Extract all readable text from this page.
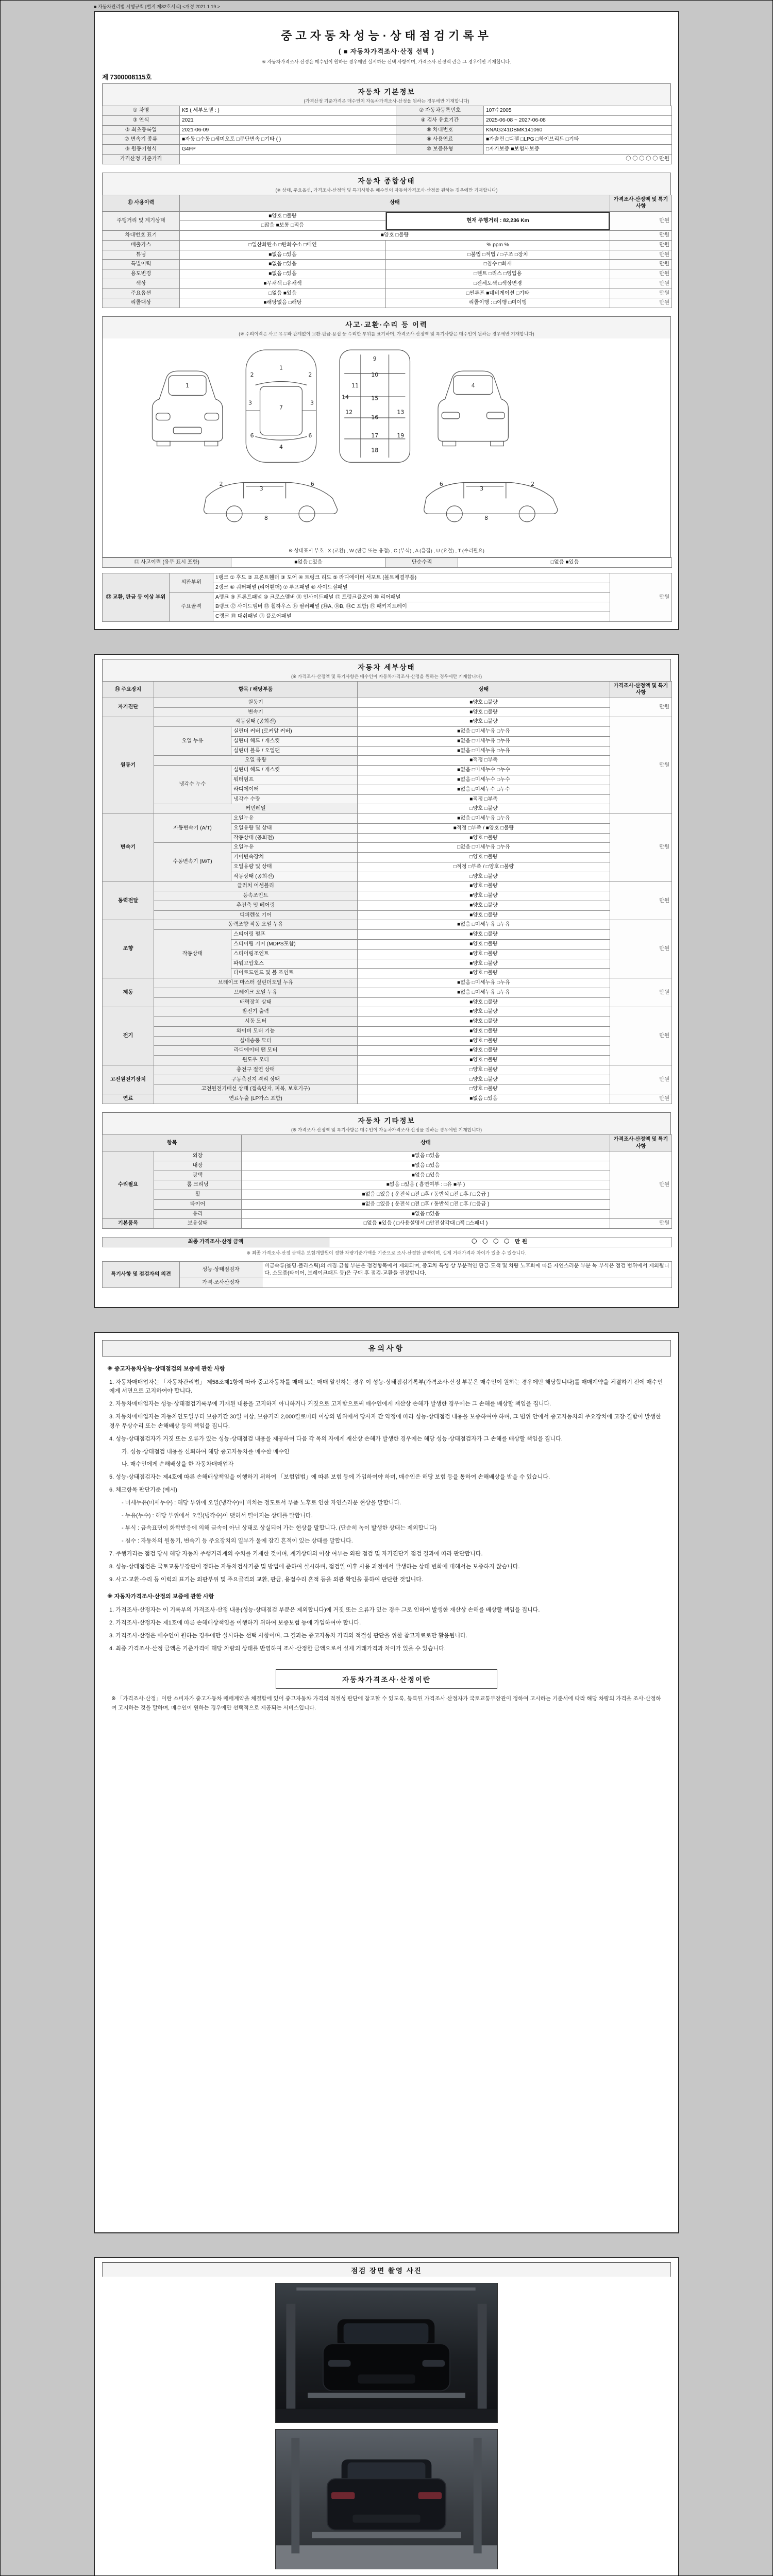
■ 자동차관리법 시행규칙 [별지 제82호서식] <개정 2021.1.19.>
중고자동차성능·상태점검기록부
( ■ 자동차가격조사·산정 선택 )
※ 자동차가격조사·산정은 매수인이 원하는 경우에만 실시하는 선택 사항이며, 가격조사·산정액 란은 그 경우에만 기재합니다.
제 7300008115호
자동차 기본정보
(가격산정 기준가격은 매수인이 자동차가격조사·산정을 원하는 경우에만 기재합니다)
① 차명	K5 ( 세부모델 : )	② 자동차등록번호	107수2005
③ 연식	2021	④ 검사 유효기간	2025-06-08 ~ 2027-06-08
⑤ 최초등록일	2021-06-09	⑥ 차대번호	KNAG241DBMK141060
⑦ 변속기 종류	■자동 □수동 □세미오토 □무단변속 □기타 ( )	⑧ 사용연료	■가솔린 □디젤 □LPG □하이브리드 □기타
⑨ 원동기형식	G4FP	⑩ 보증유형	□자가보증 ■보험사보증
가격산정 기준가격	〇 〇 〇 〇 〇 만원		
자동차 종합상태
(※ 상태, 주요옵션, 가격조사·산정액 및 특기사항은 매수인이 자동차가격조사·산정을 원하는 경우에만 기재합니다)
⑪ 사용이력	상태		가격조사·산정액 및 특기사항
주행거리 및 계기상태	■양호 □불량	현재 주행거리 : 82,236 Km	만원
	□많음 ■보통 □적음		
차대번호 표기	■양호 □불량		만원
배출가스	□일산화탄소 □탄화수소 □매연	% ppm %	만원
튜닝	■없음 □있음	□불법 □적법 / □구조 □장치	만원
특별이력	■없음 □있음	□침수 □화재	만원
용도변경	■없음 □있음	□렌트 □리스 □영업용	만원
색상	■무채색 □유채색	□전체도색 □색상변경	만원
주요옵션	□없음 ■있음	□썬루프 ■네비게이션 □기타	만원
리콜대상	■해당없음 □해당	리콜이행 : □이행 □미이행	만원
사고·교환·수리 등 이력
(※ 수리이력은 사고 유무와 관계없이 교환·판금·용접 등 수리한 부위를 표기하며, 가격조사·산정액 및 특기사항은 매수인이 원하는 경우에만 기재합니다)
1
1
7
4
2	2
3	3
6	6
9
10
11
15
12	13
16
14
17
18
19
4
2
3
6
8
6
3
2
8
※ 상태표시 부호 : X (교환) , W (판금 또는 용접) , C (부식) , A (흠집) , U (요철) , T (수리필요)
⑫ 사고이력 (유무 표시 포함)	■없음 □있음	단순수리	□없음 ■있음
⑬ 교환, 판금 등 이상 부위	외판부위	1랭크 ① 후드 ② 프론트휀더 ③ 도어 ④ 트렁크 리드 ⑤ 라디에이터 서포트 (볼트체결부품)	만원
		2랭크 ⑥ 쿼터패널 (리어휀더) ⑦ 루프패널 ⑧ 사이드실패널	
	주요골격	A랭크 ⑨ 프론트패널 ⑩ 크로스멤버 ⑪ 인사이드패널 ⑰ 트렁크플로어 ⑱ 리어패널	
		B랭크 ⑫ 사이드멤버 ⑬ 휠하우스 ⑭ 필러패널 (⑭A, ⑭B, ⑭C 포함) ⑲ 패키지트레이	
		C랭크 ⑮ 대쉬패널 ⑯ 플로어패널	
자동차 세부상태
(※ 가격조사·산정액 및 특기사항은 매수인이 자동차가격조사·산정을 원하는 경우에만 기재합니다)
⑭ 주요장치	항목 / 해당부품		상태	가격조사·산정액 및 특기사항
자기진단	원동기		■양호 □불량	만원
	변속기		■양호 □불량	
원동기	작동상태 (공회전)		■양호 □불량	만원
	오일 누유	실린더 커버 (로커암 커버)	■없음 □미세누유 □누유	
		실린더 헤드 / 개스킷	■없음 □미세누유 □누유	
		실린더 블록 / 오일팬	■없음 □미세누유 □누유	
	오일 유량		■적정 □부족	
	냉각수 누수	실린더 헤드 / 개스킷	■없음 □미세누수 □누수	
		워터펌프	■없음 □미세누수 □누수	
		라디에이터	■없음 □미세누수 □누수	
		냉각수 수량	■적정 □부족	
	커먼레일		□양호 □불량	
변속기	자동변속기 (A/T)	오일누유	■없음 □미세누유 □누유	만원
		오일유량 및 상태	■적정 □부족 / ■양호 □불량	
		작동상태 (공회전)	■양호 □불량	
	수동변속기 (M/T)	오일누유	□없음 □미세누유 □누유	
		기어변속장치	□양호 □불량	
		오일유량 및 상태	□적정 □부족 / □양호 □불량	
		작동상태 (공회전)	□양호 □불량	
동력전달	클러치 어셈블리		■양호 □불량	만원
	등속조인트		■양호 □불량	
	추진축 및 베어링		■양호 □불량	
	디퍼렌셜 기어		■양호 □불량	
조향	동력조향 작동 오일 누유		■없음 □미세누유 □누유	만원
	작동상태	스티어링 펌프	■양호 □불량	
		스티어링 기어 (MDPS포함)	■양호 □불량	
		스티어링조인트	■양호 □불량	
		파워고압호스	■양호 □불량	
		타이로드엔드 및 볼 조인트	■양호 □불량	
제동	브레이크 마스터 실린더오일 누유		■없음 □미세누유 □누유	만원
	브레이크 오일 누유		■없음 □미세누유 □누유	
	배력장치 상태		■양호 □불량	
전기	발전기 출력		■양호 □불량	만원
	시동 모터		■양호 □불량	
	와이퍼 모터 기능		■양호 □불량	
	실내송풍 모터		■양호 □불량	
	라디에이터 팬 모터		■양호 □불량	
	윈도우 모터		■양호 □불량	
고전원전기장치	충전구 절연 상태		□양호 □불량	만원
	구동축전지 격리 상태		□양호 □불량	
	고전원전기배선 상태 (접속단자, 피복, 보호기구)		□양호 □불량	
연료	연료누출 (LP가스 포함)		■없음 □있음	만원
자동차 기타정보
(※ 가격조사·산정액 및 특기사항은 매수인이 자동차가격조사·산정을 원하는 경우에만 기재합니다)
항목		상태	가격조사·산정액 및 특기사항
수리필요	외장	■없음 □있음	만원
	내장	■없음 □있음	
	광택	■없음 □있음	
	룸 크리닝	■없음 □있음 ( 흡연여부 : □유 ■무 )	
	휠	■없음 □있음 ( 운전석 □전 □후 / 동반석 □전 □후 / □응급 )	
	타이어	■없음 □있음 ( 운전석 □전 □후 / 동반석 □전 □후 / □응급 )	
	유리	■없음 □있음	
기본품목	보유상태	□없음 ■있음 ( □사용설명서 □안전삼각대 □잭 □스패너 )	만원
최종 가격조사·산정 금액	〇 〇 〇 〇 만원
※ 최종 가격조사·산정 금액은 보험개발원이 정한 차량기준가액을 기준으로 조사·산정한 금액이며, 실제 거래가격과 차이가 있을 수 있습니다.
특기사항 및 점검자의 의견	성능·상태점검자	비금속류(몰딩·플라스틱)의 깨짐·긁힘 부분은 점검항목에서 제외되며, 중고차 특성 상 부분적인 판금·도색 및 차량 노후화에 따른 자연스러운 부분 녹·부식은 점검 범위에서 제외됩니다. 소모품(타이어, 브레이크패드 등)은 구매 후 점검·교환을 권장합니다.
	가격·조사산정자	
유의사항
※ 중고자동차성능·상태점검의 보증에 관한 사항
1. 자동차매매업자는 「자동차관리법」 제58조제1항에 따라 중고자동차를 매매 또는 매매 알선하는 경우 이 성능·상태점검기록부(가격조사·산정 부분은 매수인이 원하는 경우에만 해당합니다)를 매매계약을 체결하기 전에 매수인에게 서면으로 고지하여야 합니다.
2. 자동차매매업자는 성능·상태점검기록부에 기재된 내용을 고지하지 아니하거나 거짓으로 고지함으로써 매수인에게 재산상 손해가 발생한 경우에는 그 손해를 배상할 책임을 집니다.
3. 자동차매매업자는 자동차인도일부터 보증기간 30일 이상, 보증거리 2,000킬로미터 이상의 범위에서 당사자 간 약정에 따라 성능·상태점검 내용을 보증하여야 하며, 그 범위 안에서 중고자동차의 주요장치에 고장·결함이 발생한 경우 무상수리 또는 손해배상 등의 책임을 집니다.
4. 성능·상태점검자가 거짓 또는 오류가 있는 성능·상태점검 내용을 제공하여 다음 각 목의 자에게 재산상 손해가 발생한 경우에는 해당 성능·상태점검자가 그 손해를 배상할 책임을 집니다.
가. 성능·상태점검 내용을 신뢰하여 해당 중고자동차를 매수한 매수인
나. 매수인에게 손해배상을 한 자동차매매업자
5. 성능·상태점검자는 제4호에 따른 손해배상책임을 이행하기 위하여 「보험업법」에 따른 보험 등에 가입하여야 하며, 매수인은 해당 보험 등을 통하여 손해배상을 받을 수 있습니다.
6. 체크항목 판단기준 (예시)
- 미세누유(미세누수) : 해당 부위에 오일(냉각수)이 비치는 정도로서 부품 노후로 인한 자연스러운 현상을 말합니다.
- 누유(누수) : 해당 부위에서 오일(냉각수)이 맺혀서 떨어지는 상태를 말합니다.
- 부식 : 금속표면이 화학반응에 의해 금속이 아닌 상태로 상실되어 가는 현상을 말합니다. (단순히 녹이 발생한 상태는 제외합니다)
- 침수 : 자동차의 원동기, 변속기 등 주요장치의 일부가 물에 잠긴 흔적이 있는 상태를 말합니다.
7. 주행거리는 점검 당시 해당 자동차 주행거리계의 수치를 기재한 것이며, 계기상태의 이상 여부는 외관 점검 및 자기진단기 점검 결과에 따라 판단합니다.
8. 성능·상태점검은 국토교통부장관이 정하는 자동차검사기준 및 방법에 준하여 실시하며, 점검일 이후 사용 과정에서 발생하는 상태 변화에 대해서는 보증하지 않습니다.
9. 사고·교환·수리 등 이력의 표기는 외판부위 및 주요골격의 교환, 판금, 용접수리 흔적 등을 외관 확인을 통하여 판단한 것입니다.
※ 자동차가격조사·산정의 보증에 관한 사항
1. 가격조사·산정자는 이 기록부의 가격조사·산정 내용(성능·상태점검 부분은 제외합니다)에 거짓 또는 오류가 있는 경우 그로 인하여 발생한 재산상 손해를 배상할 책임을 집니다.
2. 가격조사·산정자는 제1호에 따른 손해배상책임을 이행하기 위하여 보증보험 등에 가입하여야 합니다.
3. 가격조사·산정은 매수인이 원하는 경우에만 실시하는 선택 사항이며, 그 결과는 중고자동차 가격의 적절성 판단을 위한 참고자료로만 활용됩니다.
4. 최종 가격조사·산정 금액은 기준가격에 해당 차량의 상태를 반영하여 조사·산정한 금액으로서 실제 거래가격과 차이가 있을 수 있습니다.
자동차가격조사·산정이란
※ 「가격조사·산정」이란 소비자가 중고자동차 매매계약을 체결함에 있어 중고자동차 가격의 적절성 판단에 참고할 수 있도록, 등록된 가격조사·산정자가 국토교통부장관이 정하여 고시하는 기준서에 따라 해당 차량의 가격을 조사·산정하여 고지하는 것을 말하며, 매수인이 원하는 경우에만 선택적으로 제공되는 서비스입니다.
점검 장면 촬영 사진
